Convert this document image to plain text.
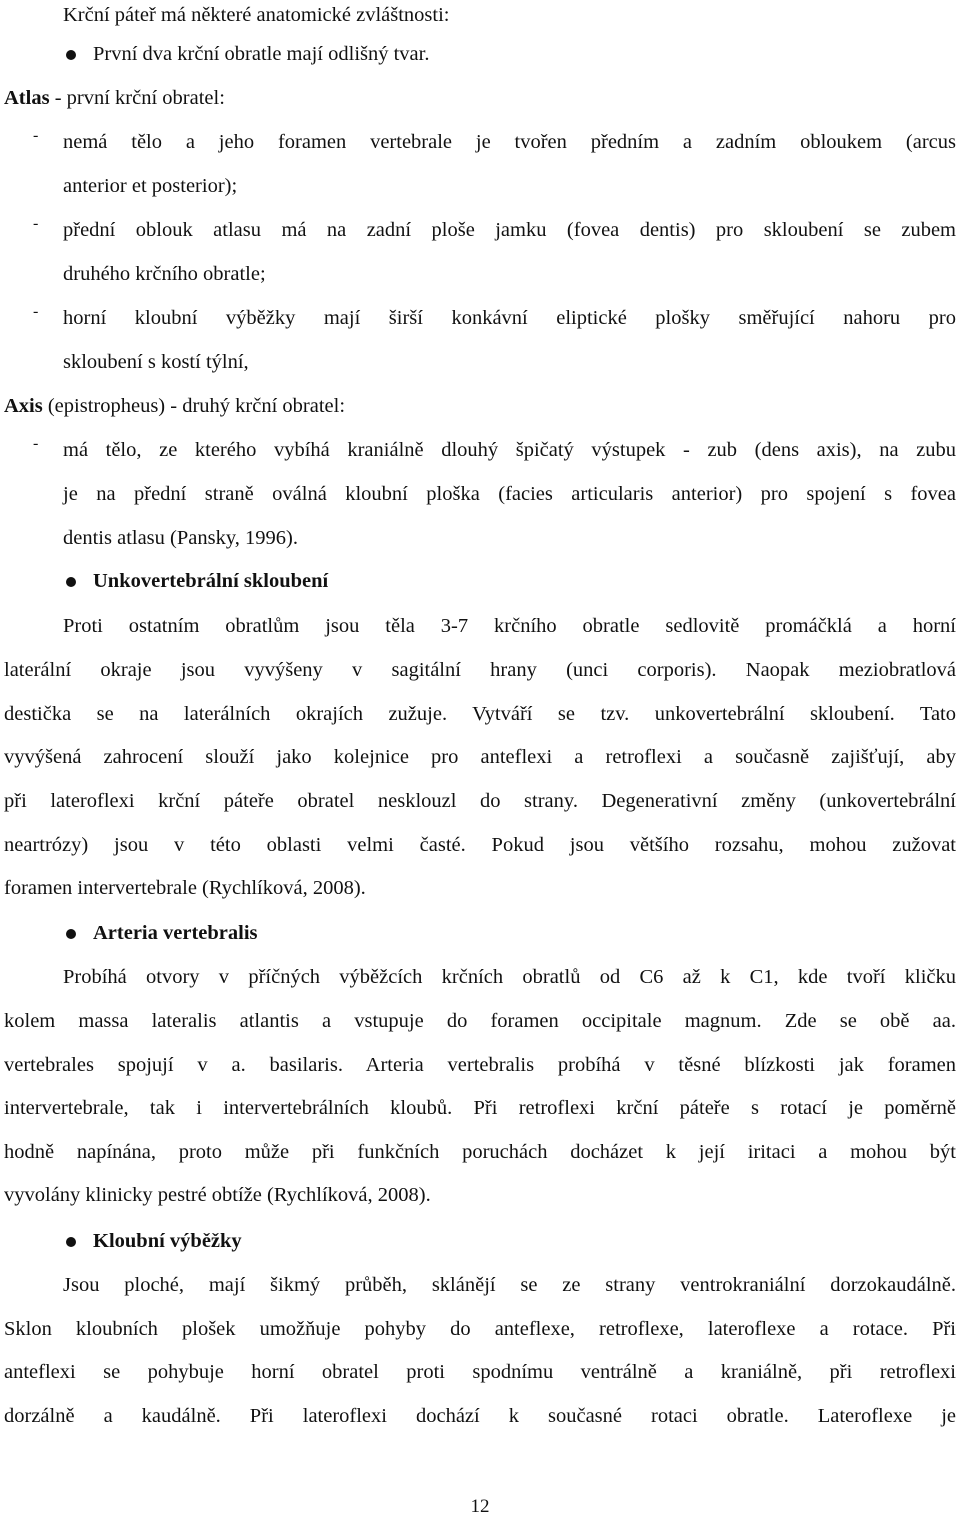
Krční páteř má některé anatomické zvláštnosti:
První dva krční obratle mají odlišný tvar.
Atlas - první krční obratel:
-	nemá tělo a jeho foramen vertebrale je tvořen předním a zadním obloukem (arcus
anterior et posterior);
-	přední oblouk atlasu má na zadní ploše jamku (fovea dentis) pro skloubení se zubem
druhého krčního obratle;
-	horní kloubní výběžky mají širší konkávní eliptické plošky směřující nahoru pro
skloubení s kostí týlní,
Axis (epistropheus) - druhý krční obratel:
-	má tělo, ze kterého vybíhá kraniálně dlouhý špičatý výstupek - zub (dens axis), na zubu
je na přední straně oválná kloubní ploška (facies articularis anterior) pro spojení s fovea
dentis atlasu (Pansky, 1996).
Unkovertebrální skloubení
Proti ostatním obratlům jsou těla 3-7 krčního obratle sedlovitě promáčklá a horní
laterální okraje jsou vyvýšeny v sagitální hrany (unci corporis). Naopak meziobratlová
destička se na laterálních okrajích zužuje. Vytváří se tzv. unkovertebrální skloubení. Tato
vyvýšená zahrocení slouží jako kolejnice pro anteflexi a retroflexi a současně zajišťují, aby
při lateroflexi krční páteře obratel nesklouzl do strany. Degenerativní změny (unkovertebrální
neartrózy) jsou v této oblasti velmi časté. Pokud jsou většího rozsahu, mohou zužovat
foramen intervertebrale (Rychlíková, 2008).
Arteria vertebralis
Probíhá otvory v příčných výběžcích krčních obratlů od C6 až k C1, kde tvoří kličku
kolem massa lateralis atlantis a vstupuje do foramen occipitale magnum. Zde se obě aa.
vertebrales spojují v a. basilaris. Arteria vertebralis probíhá v těsné blízkosti jak foramen
intervertebrale, tak i intervertebrálních kloubů. Při retroflexi krční páteře s rotací je poměrně
hodně napínána, proto může při funkčních poruchách docházet k její iritaci a mohou být
vyvolány klinicky pestré obtíže (Rychlíková, 2008).
Kloubní výběžky
Jsou ploché, mají šikmý průběh, sklánějí se ze strany ventrokraniální dorzokaudálně.
Sklon kloubních plošek umožňuje pohyby do anteflexe, retroflexe, lateroflexe a rotace. Při
anteflexi se pohybuje horní obratel proti spodnímu ventrálně a kraniálně, při retroflexi
dorzálně a kaudálně. Při lateroflexi dochází k současné rotaci obratle. Lateroflexe je
12
